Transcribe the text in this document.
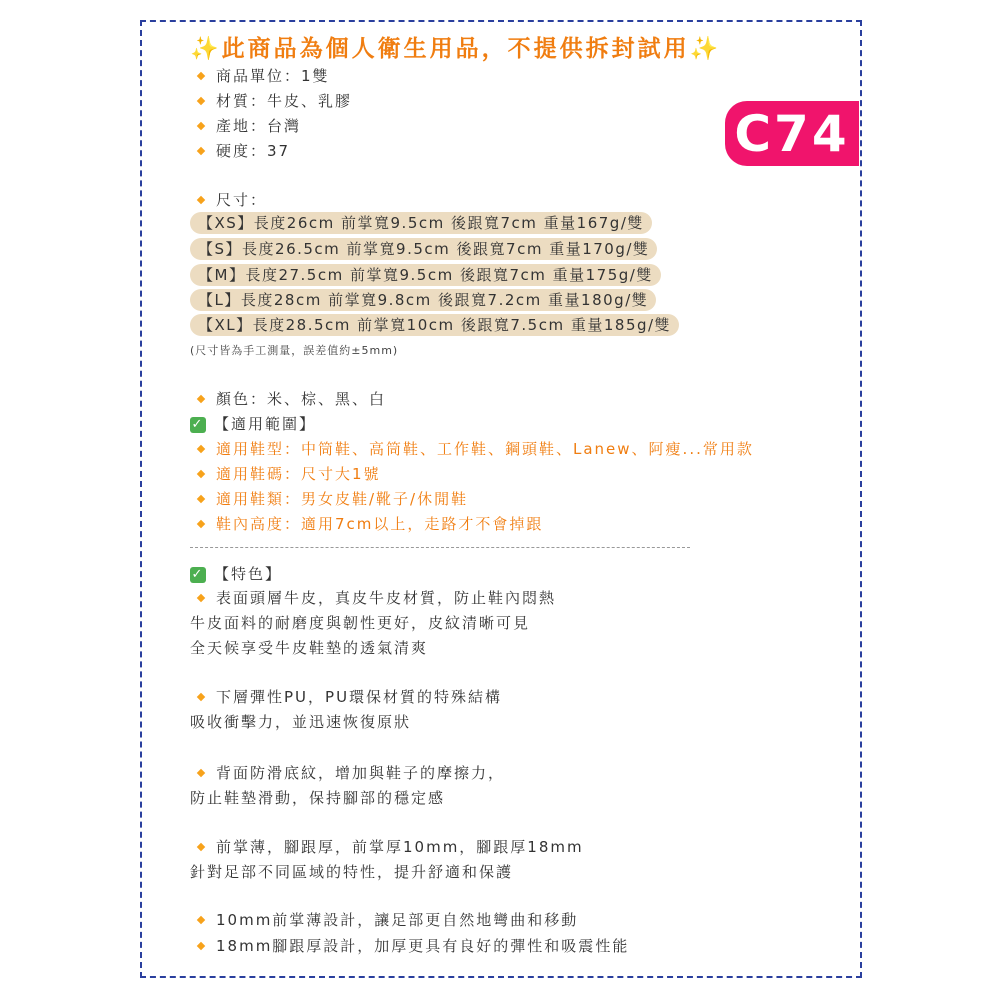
C74
✨此商品為個人衛生用品，不提供拆封試用✨
商品單位：1雙
材質：牛皮、乳膠
產地：台灣
硬度：37
尺寸：
【XS】長度26cm 前掌寬9.5cm 後跟寬7cm 重量167g/雙
【S】長度26.5cm 前掌寬9.5cm 後跟寬7cm 重量170g/雙
【M】長度27.5cm 前掌寬9.5cm 後跟寬7cm 重量175g/雙
【L】長度28cm 前掌寬9.8cm 後跟寬7.2cm 重量180g/雙
【XL】長度28.5cm 前掌寬10cm 後跟寬7.5cm 重量185g/雙
(尺寸皆為手工測量，誤差值約±5mm)
顏色：米、棕、黑、白
✓ 【適用範圍】
適用鞋型：中筒鞋、高筒鞋、工作鞋、鋼頭鞋、Lanew、阿瘦...常用款
適用鞋碼：尺寸大1號
適用鞋類：男女皮鞋/靴子/休閒鞋
鞋內高度：適用7cm以上，走路才不會掉跟
✓ 【特色】
表面頭層牛皮，真皮牛皮材質，防止鞋內悶熱
牛皮面料的耐磨度與韌性更好，皮紋清晰可見
全天候享受牛皮鞋墊的透氣清爽
下層彈性PU，PU環保材質的特殊結構
吸收衝擊力，並迅速恢復原狀
背面防滑底紋，增加與鞋子的摩擦力，
防止鞋墊滑動，保持腳部的穩定感
前掌薄，腳跟厚，前掌厚10mm，腳跟厚18mm
針對足部不同區域的特性，提升舒適和保護
10mm前掌薄設計，讓足部更自然地彎曲和移動
18mm腳跟厚設計，加厚更具有良好的彈性和吸震性能
